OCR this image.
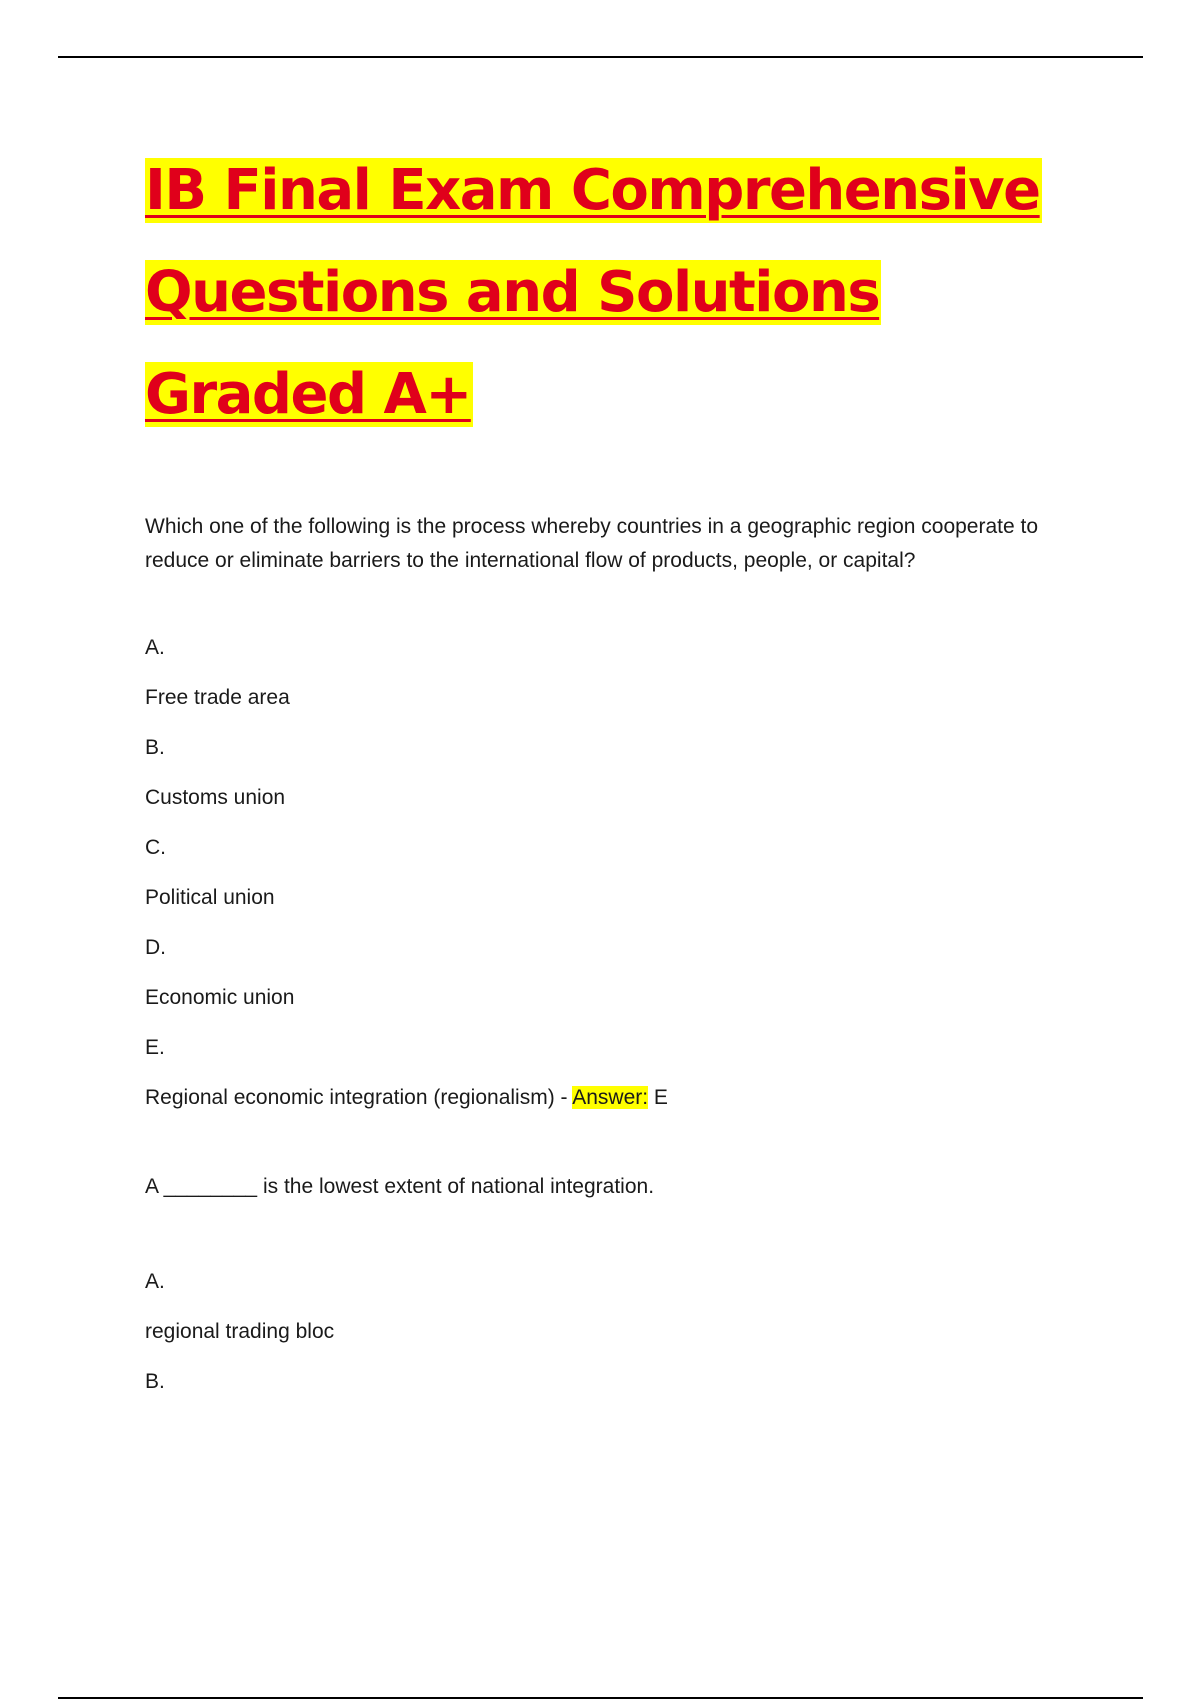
IB Final Exam Comprehensive
Questions and Solutions
Graded A+

Which one of the following is the process whereby countries in a geographic region cooperate to reduce or eliminate barriers to the international flow of products, people, or capital?

A.
Free trade area
B.
Customs union
C.
Political union
D.
Economic union
E.
Regional economic integration (regionalism) - Answer: E

A ________ is the lowest extent of national integration.

A.
regional trading bloc
B.
